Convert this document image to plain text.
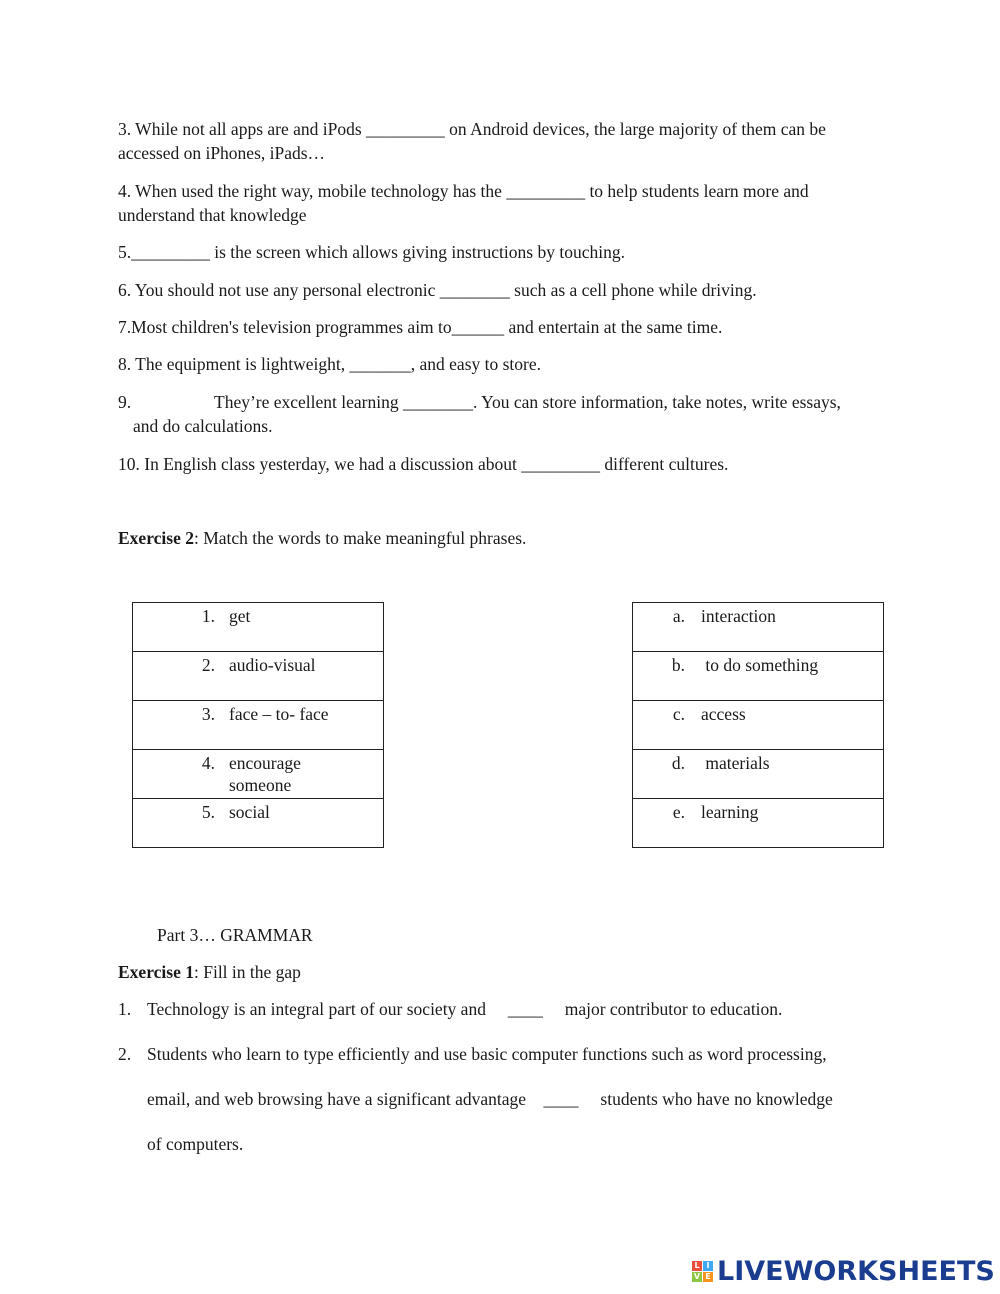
3. While not all apps are and iPods _________ on Android devices, the large majority of them can be
accessed on iPhones, iPads…
4. When used the right way, mobile technology has the _________ to help students learn more and
understand that knowledge
5._________ is the screen which allows giving instructions by touching.
6. You should not use any personal electronic ________ such as a cell phone while driving.
7.Most children's television programmes aim to______ and entertain at the same time.
8. The equipment is lightweight, _______, and easy to store.
9.	They’re excellent learning ________. You can store information, take notes, write essays,
and do calculations.
10. In English class yesterday, we had a discussion about _________ different cultures.
Exercise 2: Match the words to make meaningful phrases.
1. get

2. audio-visual

3. face – to- face

4. encourage
someone

5. social
a. interaction

b. to do something

c. access

d. materials

e. learning
Part 3… GRAMMAR
Exercise 1: Fill in the gap
1. Technology is an integral part of our society and     ____     major contributor to education.
2. Students who learn to type efficiently and use basic computer functions such as word processing,
email, and web browsing have a significant advantage    ____     students who have no knowledge
of computers.
L I
V E LIVEWORKSHEETS
